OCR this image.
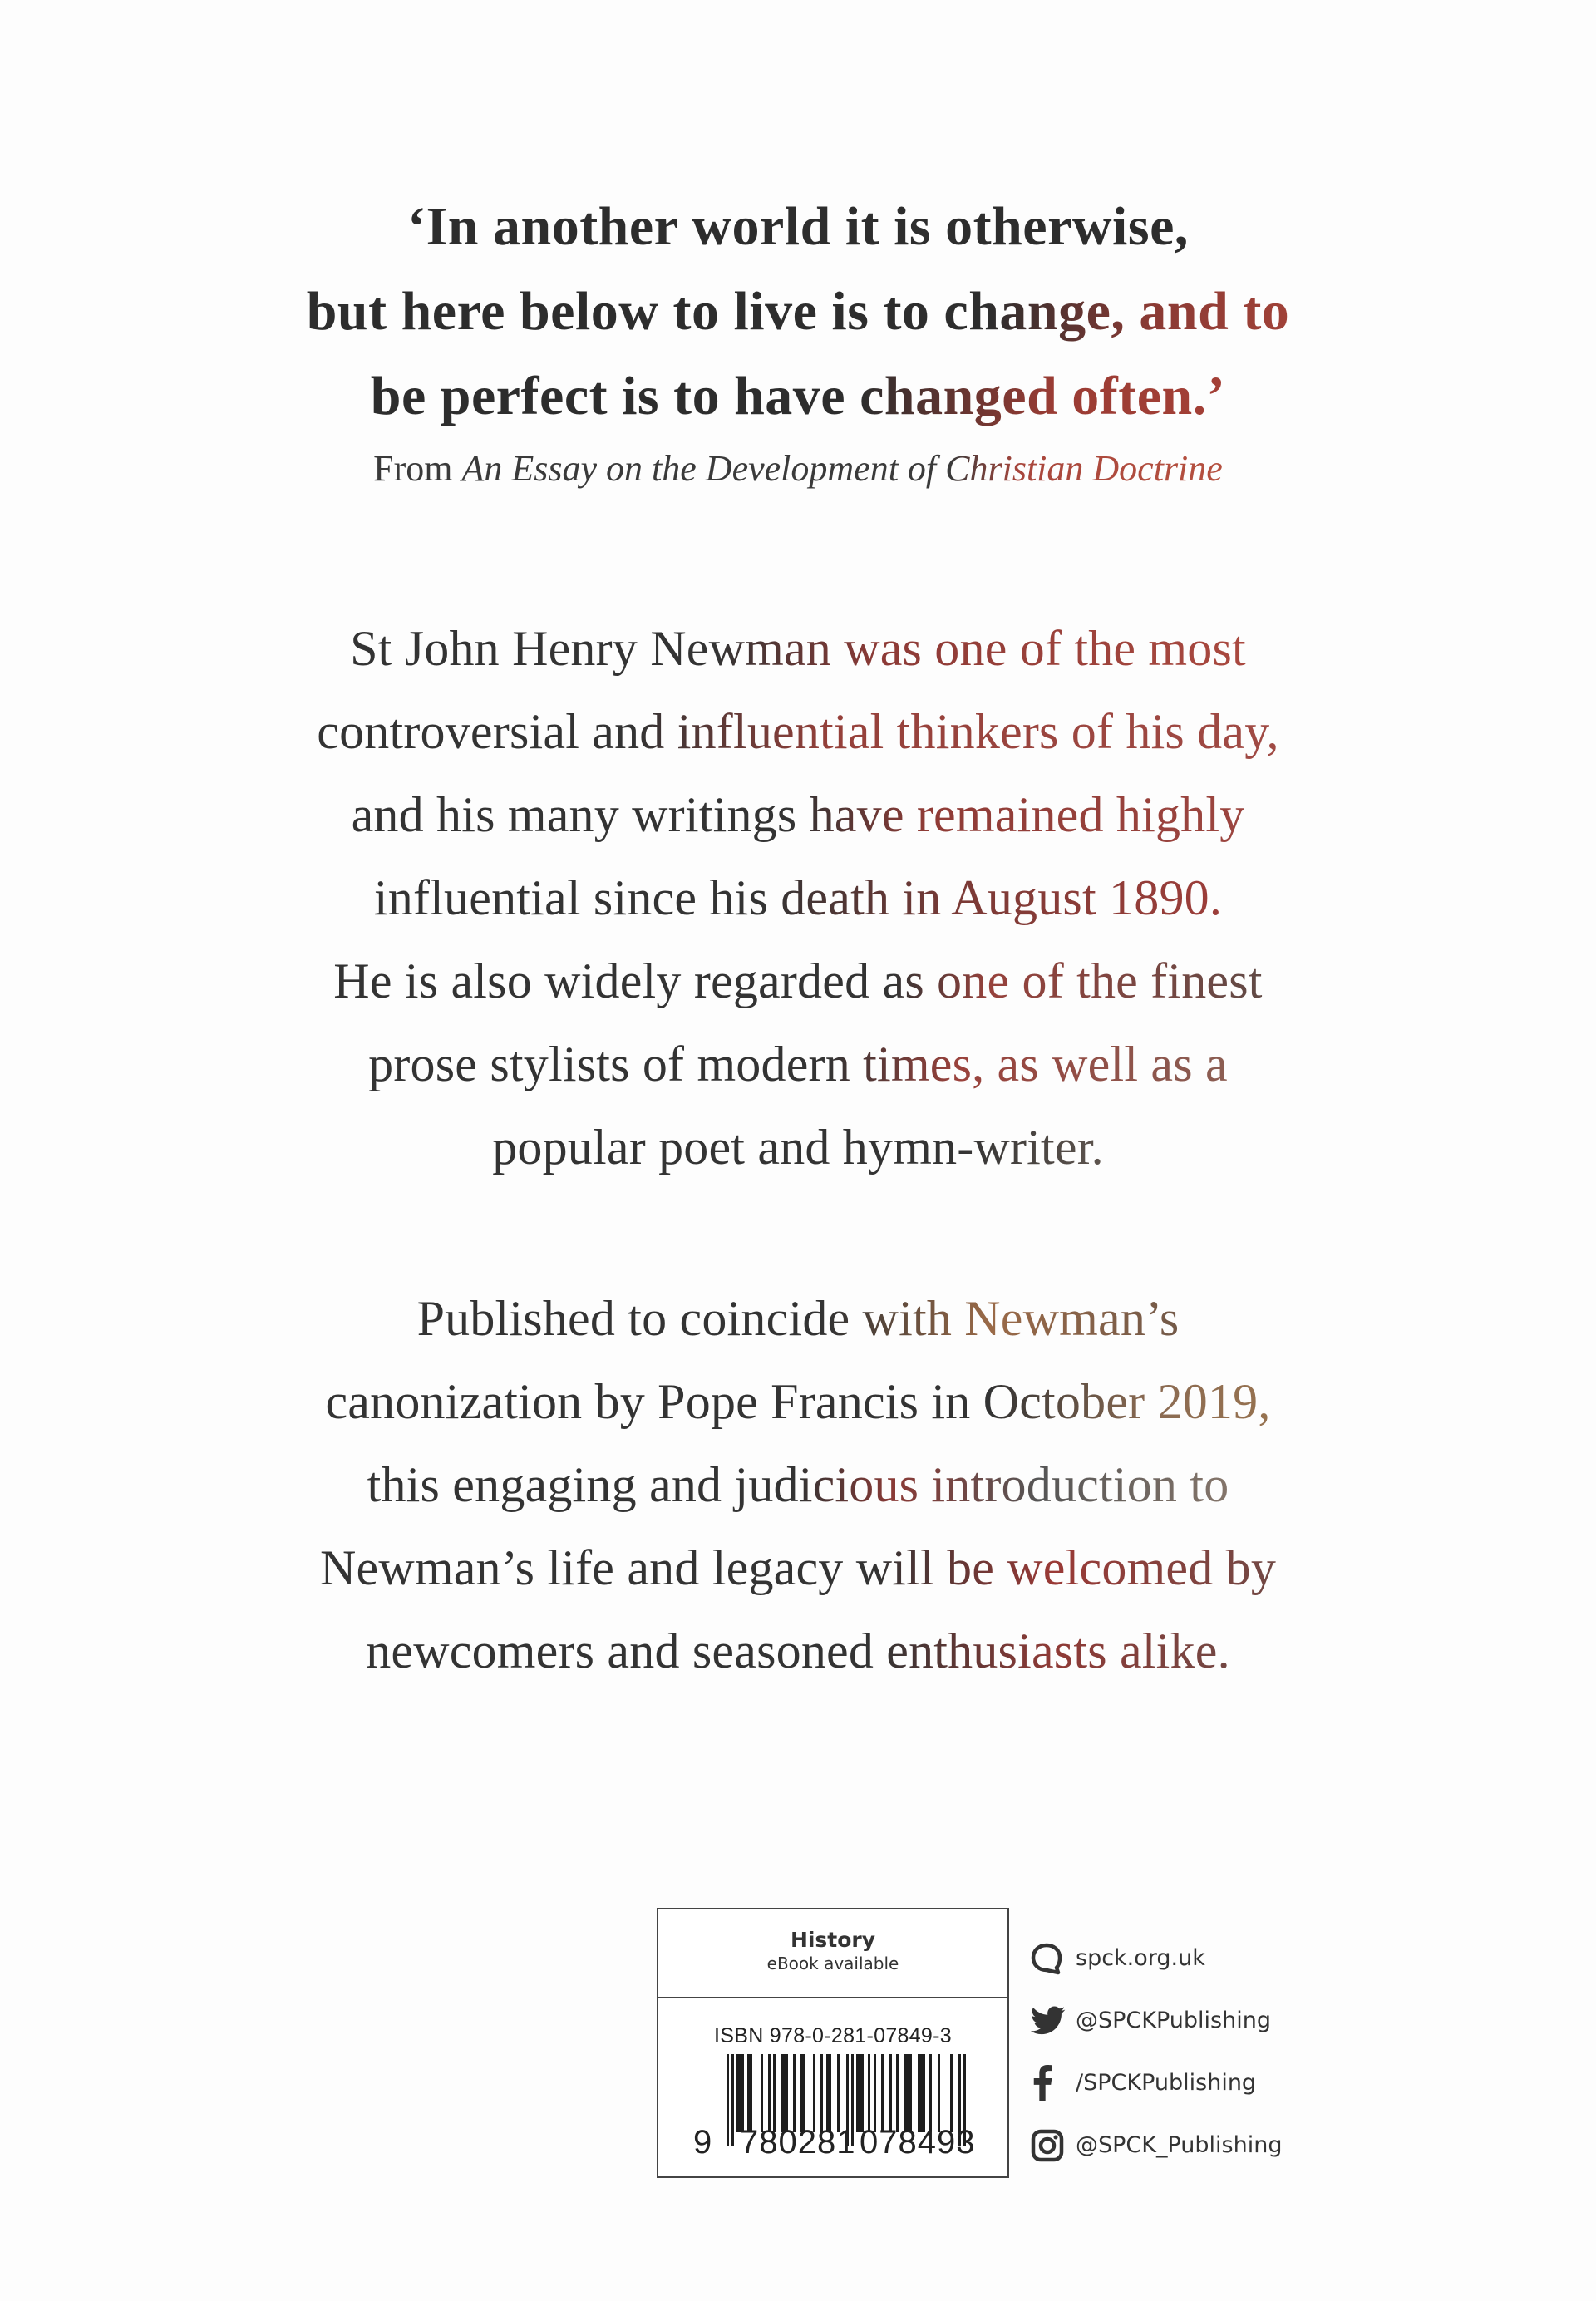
‘In another world it is otherwise,
but here below to live is to change, and to
be perfect is to have changed often.’
From An Essay on the Development of Christian Doctrine
St John Henry Newman was one of the most
controversial and influential thinkers of his day,
and his many writings have remained highly
influential since his death in August 1890.
He is also widely regarded as one of the finest
prose stylists of modern times, as well as a
popular poet and hymn-writer.
Published to coincide with Newman’s
canonization by Pope Francis in October 2019,
this engaging and judicious introduction to
Newman’s life and legacy will be welcomed by
newcomers and seasoned enthusiasts alike.
History
eBook available
ISBN 978-0-281-07849-3
9 780281 078493
spck.org.uk
@SPCKPublishing
/SPCKPublishing
@SPCK_Publishing
